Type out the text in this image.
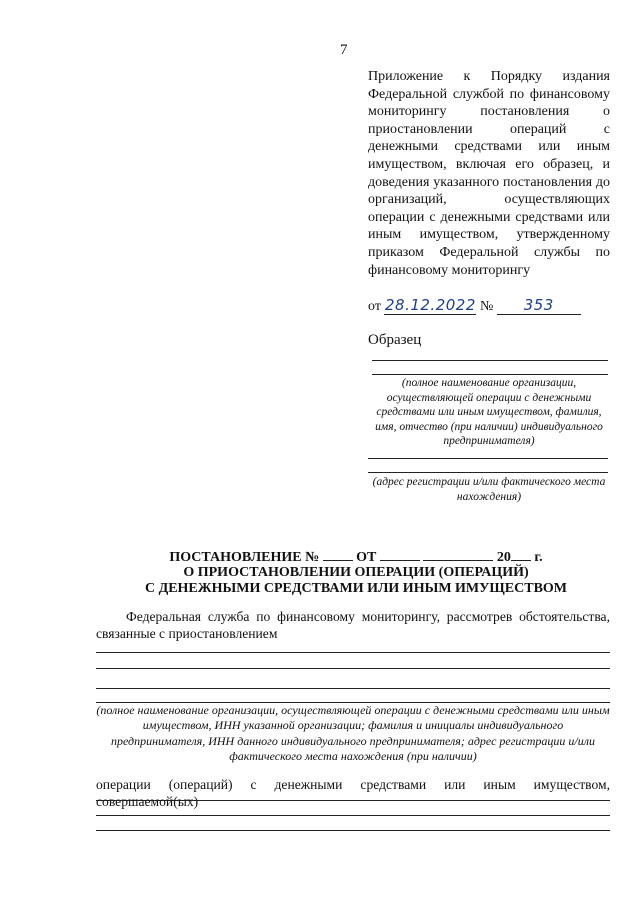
7
Приложение к Порядку издания Федеральной службой по финансовому мониторингу постановления о приостановлении операций с денежными средствами или иным имуществом, включая его образец, и доведения указанного постановления до организаций, осуществляющих операции с денежными средствами или иным имуществом, утвержденному приказом Федеральной службы по финансовому мониторингу
от 28.12.2022 № 353
Образец
(полное наименование организации, осуществляющей операции с денежными средствами или иным имуществом, фамилия, имя, отчество (при наличии) индивидуального предпринимателя)
(адрес регистрации и/или фактического места нахождения)
ПОСТАНОВЛЕНИЕ №	ОТ	20 г.
О ПРИОСТАНОВЛЕНИИ ОПЕРАЦИИ (ОПЕРАЦИЙ)
С ДЕНЕЖНЫМИ СРЕДСТВАМИ ИЛИ ИНЫМ ИМУЩЕСТВОМ
Федеральная служба по финансовому мониторингу, рассмотрев обстоятельства, связанные с приостановлением
(полное наименование организации, осуществляющей операции с денежными средствами или иным имуществом, ИНН указанной организации; фамилия и инициалы индивидуального предпринимателя, ИНН данного индивидуального предпринимателя; адрес регистрации и/или фактического места нахождения (при наличии)
операции (операций) с денежными средствами или иным имуществом, совершаемой(ых)
